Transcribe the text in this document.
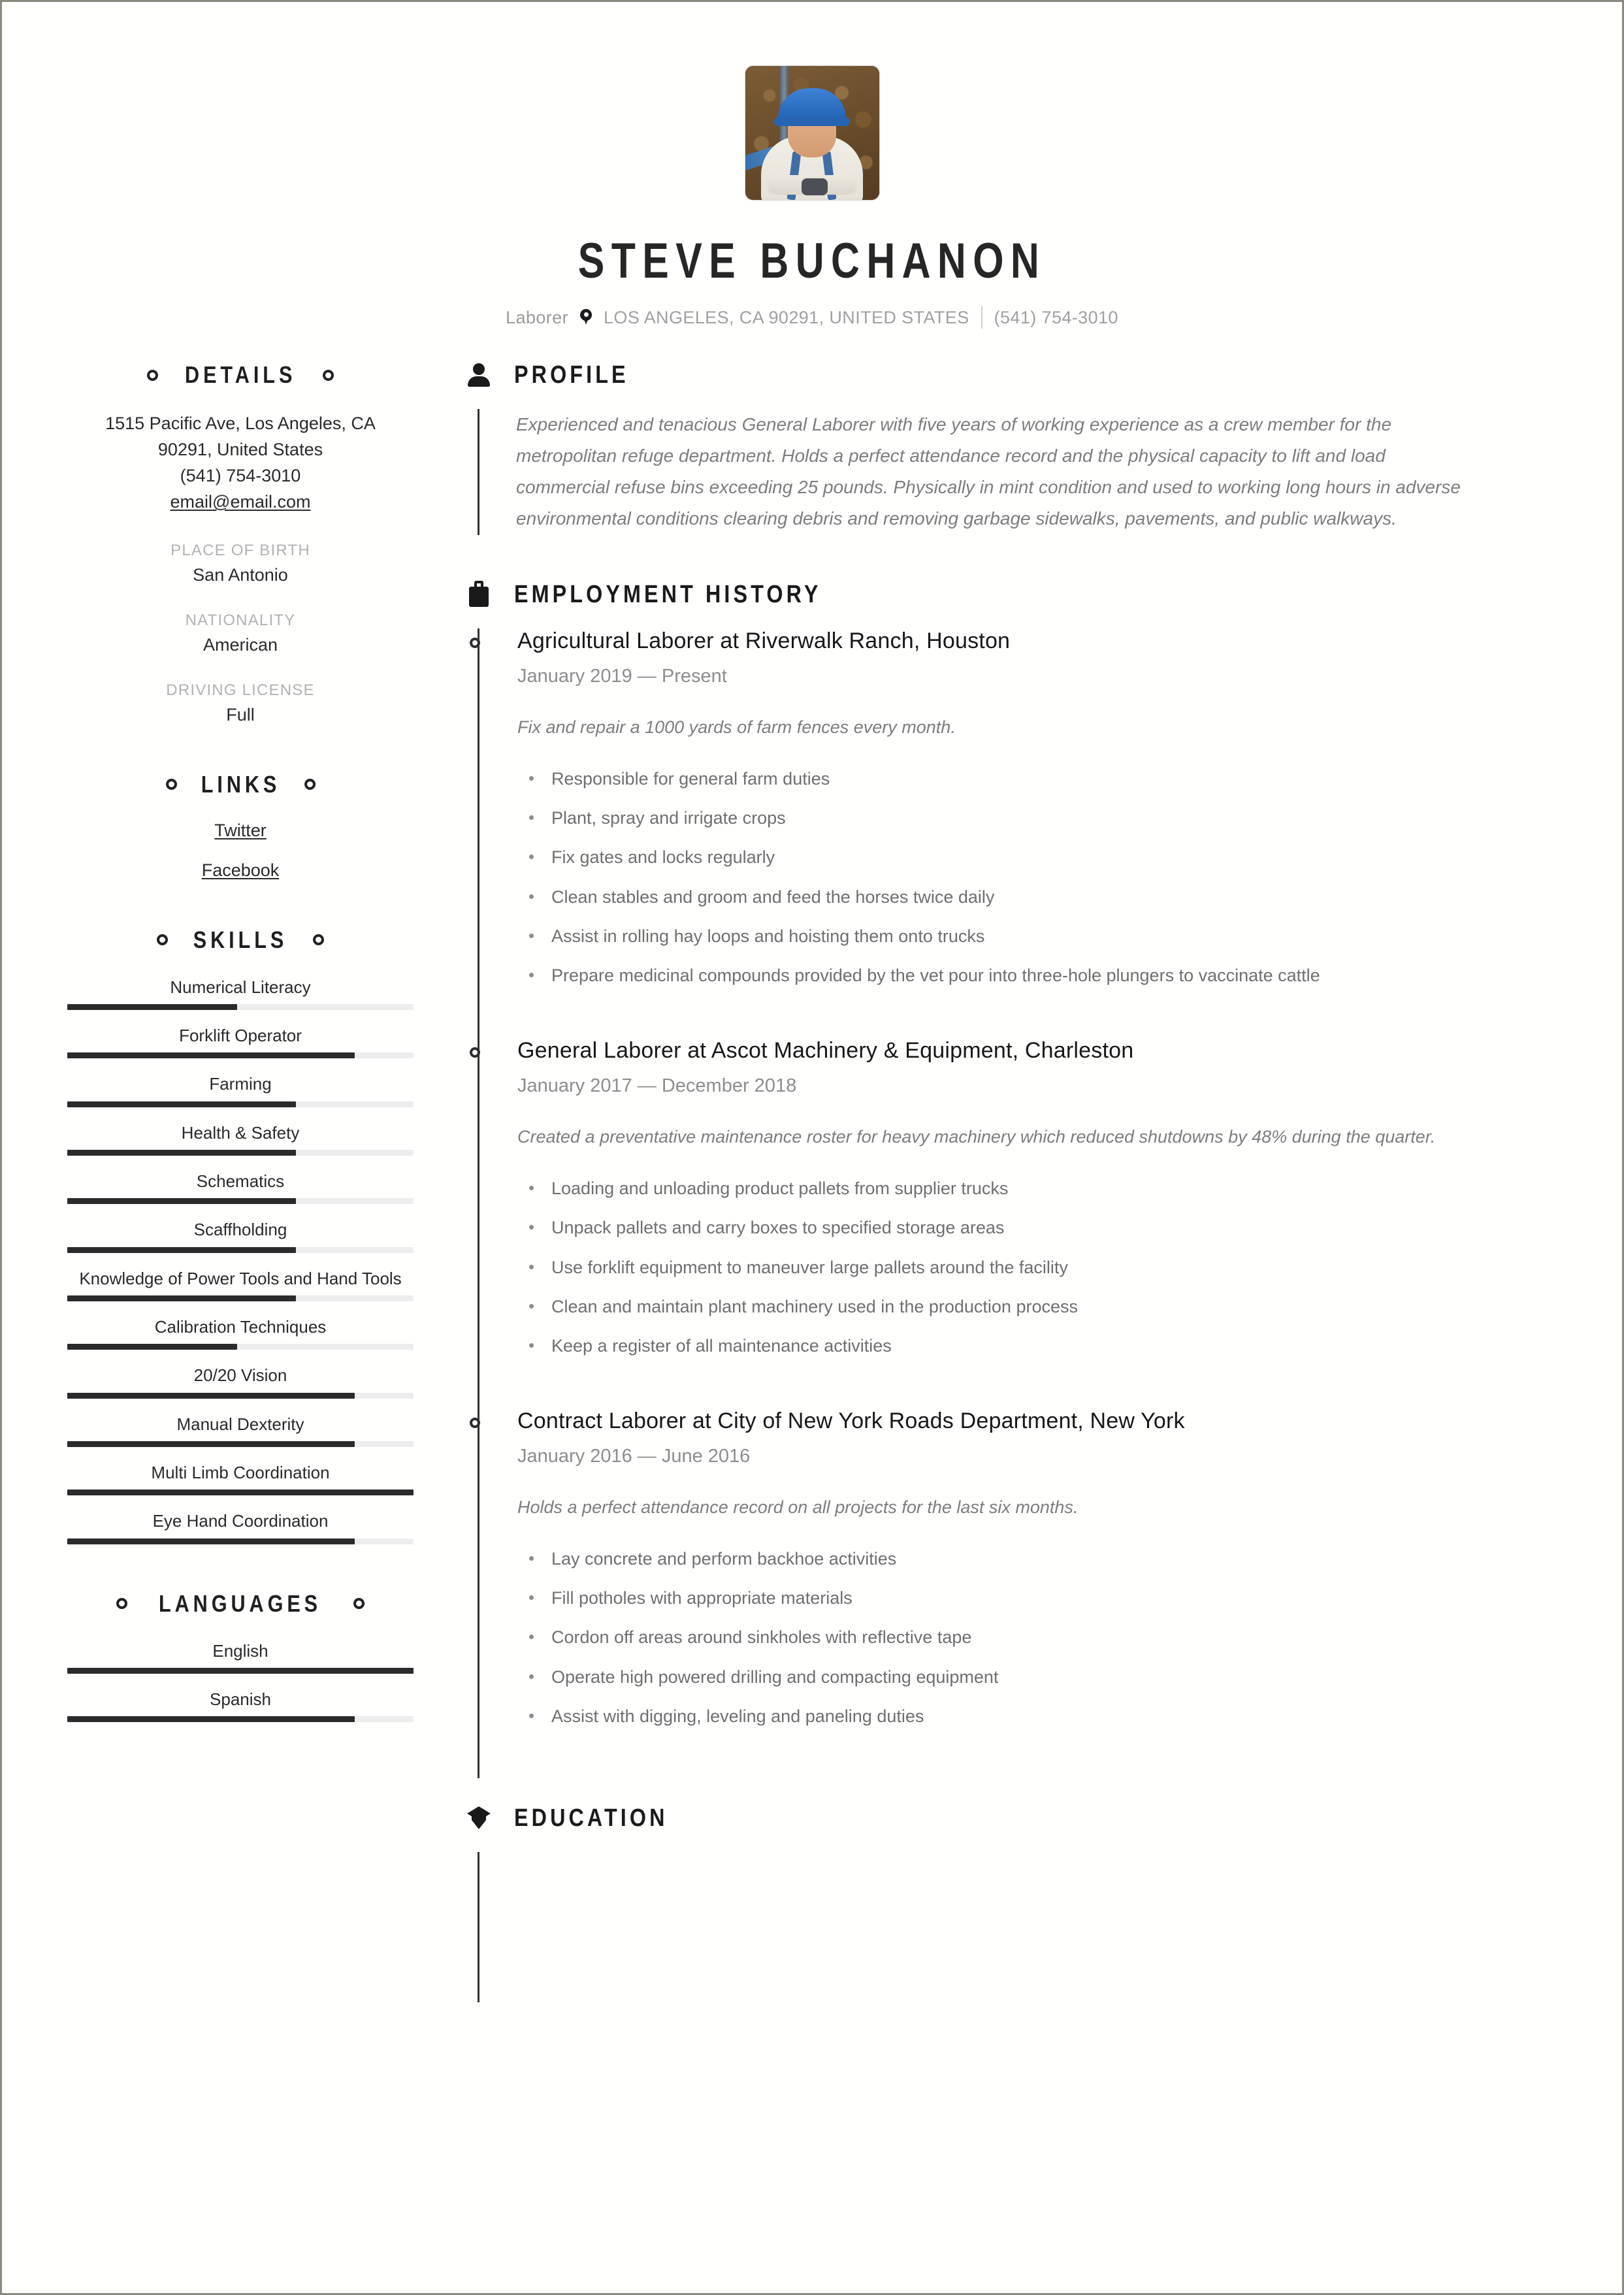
STEVE BUCHANON
Laborer LOS ANGELES, CA 90291, UNITED STATES (541) 754-3010
DETAILS
1515 Pacific Ave, Los Angeles, CA
90291, United States
(541) 754-3010
email@email.com
PLACE OF BIRTH
San Antonio
NATIONALITY
American
DRIVING LICENSE
Full
LINKS
Twitter
Facebook
SKILLS
Numerical Literacy
Forklift Operator
Farming
Health & Safety
Schematics
Scaffholding
Knowledge of Power Tools and Hand Tools
Calibration Techniques
20/20 Vision
Manual Dexterity
Multi Limb Coordination
Eye Hand Coordination
LANGUAGES
English
Spanish
PROFILE
Experienced and tenacious General Laborer with five years of working experience as a crew member for the metropolitan refuge department. Holds a perfect attendance record and the physical capacity to lift and load commercial refuse bins exceeding 25 pounds. Physically in mint condition and used to working long hours in adverse environmental conditions clearing debris and removing garbage sidewalks, pavements, and public walkways.
EMPLOYMENT HISTORY
Agricultural Laborer at Riverwalk Ranch, Houston
January 2019 — Present
Fix and repair a 1000 yards of farm fences every month.
Responsible for general farm duties
Plant, spray and irrigate crops
Fix gates and locks regularly
Clean stables and groom and feed the horses twice daily
Assist in rolling hay loops and hoisting them onto trucks
Prepare medicinal compounds provided by the vet pour into three-hole plungers to vaccinate cattle
General Laborer at Ascot Machinery & Equipment, Charleston
January 2017 — December 2018
Created a preventative maintenance roster for heavy machinery which reduced shutdowns by 48% during the quarter.
Loading and unloading product pallets from supplier trucks
Unpack pallets and carry boxes to specified storage areas
Use forklift equipment to maneuver large pallets around the facility
Clean and maintain plant machinery used in the production process
Keep a register of all maintenance activities
Contract Laborer at City of New York Roads Department, New York
January 2016 — June 2016
Holds a perfect attendance record on all projects for the last six months.
Lay concrete and perform backhoe activities
Fill potholes with appropriate materials
Cordon off areas around sinkholes with reflective tape
Operate high powered drilling and compacting equipment
Assist with digging, leveling and paneling duties
EDUCATION
